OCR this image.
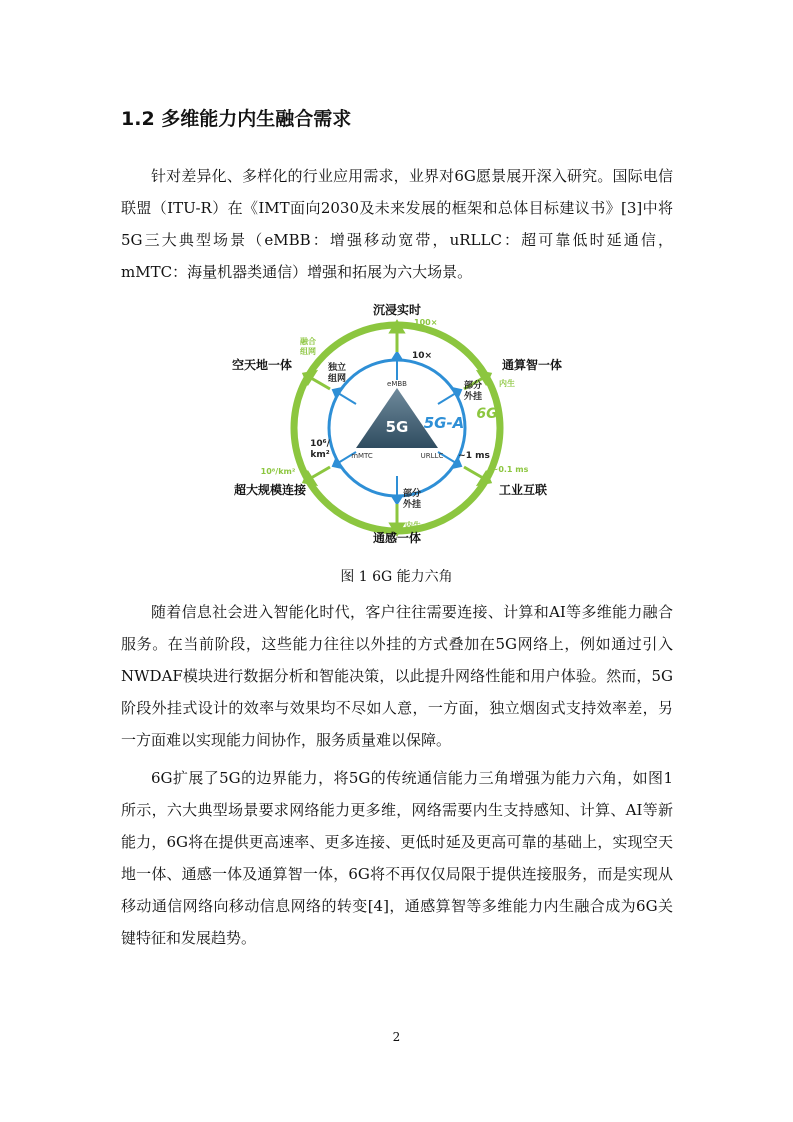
1.2 多维能力内生融合需求

针对差异化、多样化的行业应用需求，业界对6G愿景展开深入研究。国际电信联盟（ITU-R）在《IMT面向2030及未来发展的框架和总体目标建议书》[3]中将5G三大典型场景（eMBB：增强移动宽带，uRLLC：超可靠低时延通信，mMTC：海量机器类通信）增强和拓展为六大场景。

5G
eMBB
mMTC	URLLC
5G-A 6G
10×
独立组网
部分外挂
~1 ms
部分外挂
10⁶/ km²
100×
融合组网
内生
~0.1 ms
内生
10⁸/km²
沉浸实时
通算智一体
工业互联
通感一体
超大规模连接
空天地一体
图 1 6G 能力六角

随着信息社会进入智能化时代，客户往往需要连接、计算和AI等多维能力融合服务。在当前阶段，这些能力往往以外挂的方式叠加在5G网络上，例如通过引入NWDAF模块进行数据分析和智能决策，以此提升网络性能和用户体验。然而，5G阶段外挂式设计的效率与效果均不尽如人意，一方面，独立烟囱式支持效率差，另一方面难以实现能力间协作，服务质量难以保障。

6G扩展了5G的边界能力，将5G的传统通信能力三角增强为能力六角，如图1所示，六大典型场景要求网络能力更多维，网络需要内生支持感知、计算、AI等新能力，6G将在提供更高速率、更多连接、更低时延及更高可靠的基础上，实现空天地一体、通感一体及通算智一体，6G将不再仅仅局限于提供连接服务，而是实现从移动通信网络向移动信息网络的转变[4]，通感算智等多维能力内生融合成为6G关键特征和发展趋势。

2
